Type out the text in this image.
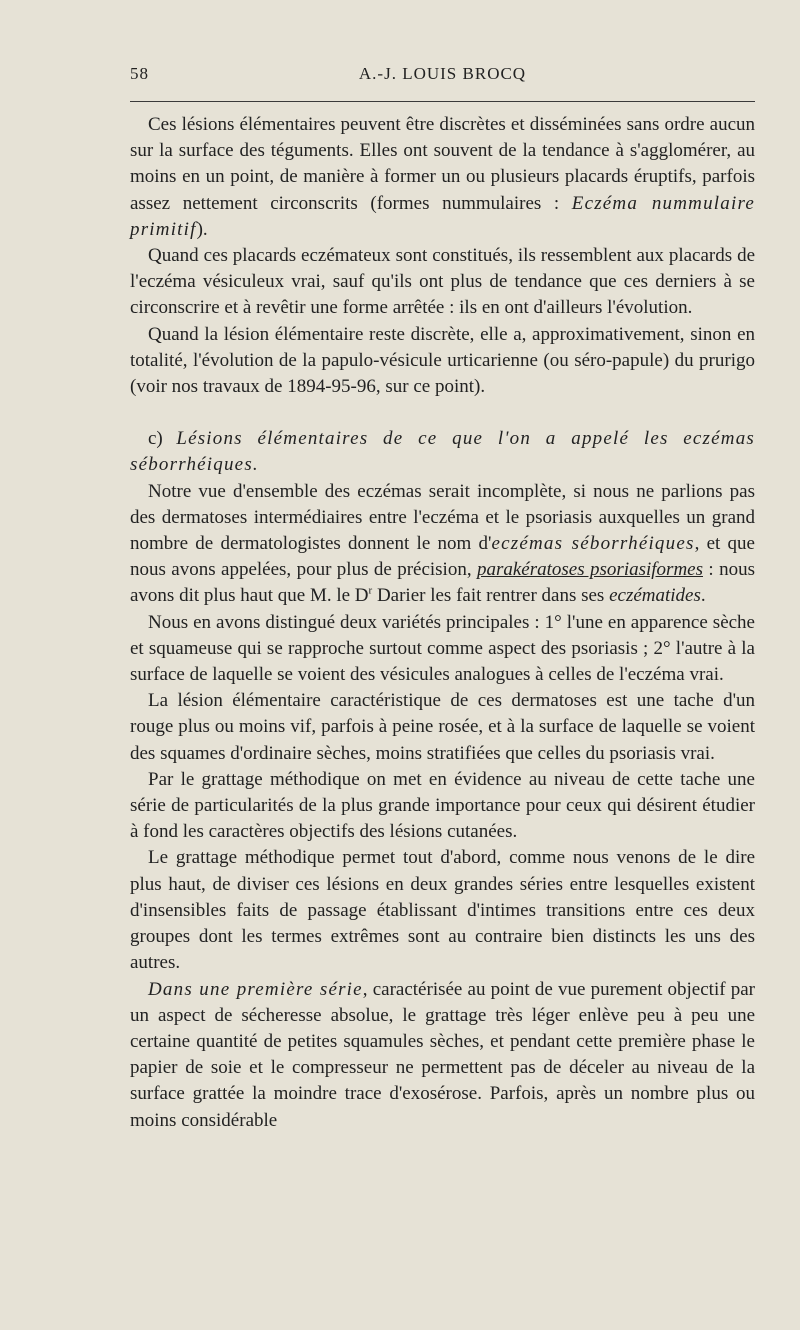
58	A.-J. LOUIS BROCQ

Ces lésions élémentaires peuvent être discrètes et disséminées sans ordre aucun sur la surface des téguments. Elles ont souvent de la tendance à s'agglomérer, au moins en un point, de manière à former un ou plusieurs placards éruptifs, parfois assez nettement circonscrits (formes nummulaires : Eczéma nummulaire primitif).

Quand ces placards eczémateux sont constitués, ils ressemblent aux placards de l'eczéma vésiculeux vrai, sauf qu'ils ont plus de tendance que ces derniers à se circonscrire et à revêtir une forme arrêtée : ils en ont d'ailleurs l'évolution.

Quand la lésion élémentaire reste discrète, elle a, approximativement, sinon en totalité, l'évolution de la papulo-vésicule urticarienne (ou séro-papule) du prurigo (voir nos travaux de 1894-95-96, sur ce point).

c) Lésions élémentaires de ce que l'on a appelé les eczémas séborrhéiques.

Notre vue d'ensemble des eczémas serait incomplète, si nous ne parlions pas des dermatoses intermédiaires entre l'eczéma et le psoriasis auxquelles un grand nombre de dermatologistes donnent le nom d'eczémas séborrhéiques, et que nous avons appelées, pour plus de précision, parakératoses psoriasiformes : nous avons dit plus haut que M. le $D^r$ Darier les fait rentrer dans ses eczématides.

Nous en avons distingué deux variétés principales : 1° l'une en apparence sèche et squameuse qui se rapproche surtout comme aspect des psoriasis ; 2° l'autre à la surface de laquelle se voient des vésicules analogues à celles de l'eczéma vrai.

La lésion élémentaire caractéristique de ces dermatoses est une tache d'un rouge plus ou moins vif, parfois à peine rosée, et à la surface de laquelle se voient des squames d'ordinaire sèches, moins stratifiées que celles du psoriasis vrai.

Par le grattage méthodique on met en évidence au niveau de cette tache une série de particularités de la plus grande importance pour ceux qui désirent étudier à fond les caractères objectifs des lésions cutanées.

Le grattage méthodique permet tout d'abord, comme nous venons de le dire plus haut, de diviser ces lésions en deux grandes séries entre lesquelles existent d'insensibles faits de passage établissant d'intimes transitions entre ces deux groupes dont les termes extrêmes sont au contraire bien distincts les uns des autres.

Dans une première série, caractérisée au point de vue purement objectif par un aspect de sécheresse absolue, le grattage très léger enlève peu à peu une certaine quantité de petites squamules sèches, et pendant cette première phase le papier de soie et le compresseur ne permettent pas de déceler au niveau de la surface grattée la moindre trace d'exosérose. Parfois, après un nombre plus ou moins considérable
